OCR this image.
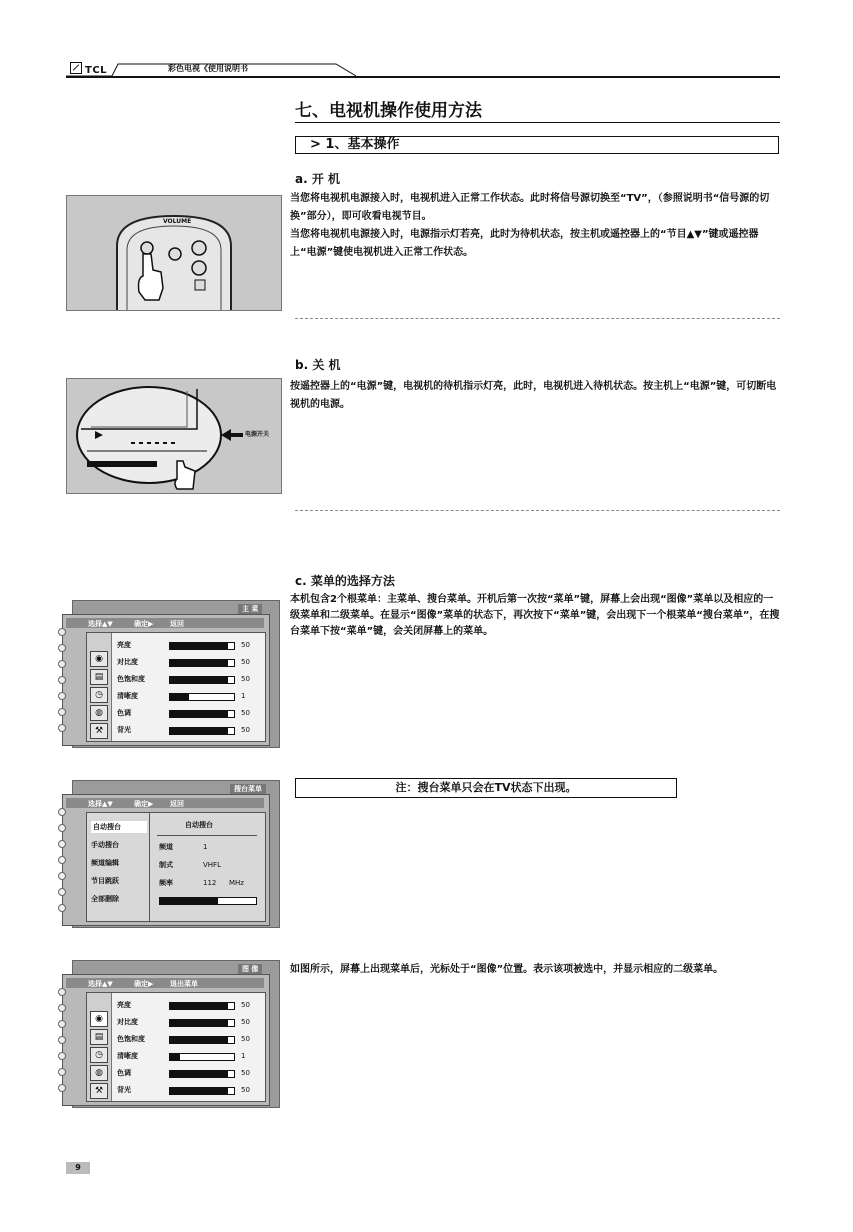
TCL	彩色电视《使用说明书
七、电视机操作使用方法
> 1、基本操作
a. 开 机

当您将电视机电源接入时，电视机进入正常工作状态。此时将信号源切换至“TV”，（参照说明书“信号源的切换”部分），即可收看电视节目。

当您将电视机电源接入时，电源指示灯若亮，此时为待机状态，按主机或遥控器上的“节目▲▼”键或遥控器上“电源”键使电视机进入正常工作状态。

VOLUME
b. 关 机
按遥控器上的“电源”键，电视机的待机指示灯亮，此时，电视机进入待机状态。按主机上“电源”键，可切断电视机的电源。
电源开关
c. 菜单的选择方法
本机包含2个根菜单：主菜单、搜台菜单。开机后第一次按“菜单”键，屏幕上会出现“图像”菜单以及相应的一级菜单和二级菜单。在显示“图像”菜单的状态下，再次按下“菜单”键，会出现下一个根菜单“搜台菜单”，在搜台菜单下按“菜单”键，会关闭屏幕上的菜单。
主 菜
选择▲▼	确定▶ 返回
◉
▤
◷
◍
⚒
亮度	50
对比度	50
色饱和度	50
清晰度	1
色调	50
背光	50
注：搜台菜单只会在TV状态下出现。
搜台菜单
选择▲▼	确定▶ 返回
自动搜台
手动搜台
频道编辑
节目跳跃
全部删除
自动搜台
频道	1
制式	VHFL
频率	112 MHz
如图所示，屏幕上出现菜单后，光标处于“图像”位置。表示该项被选中，并显示相应的二级菜单。
图 像
选择▲▼	确定▶ 退出菜单
◉
▤
◷
◍
⚒
亮度	50
对比度	50
色饱和度	50
清晰度	1
色调	50
背光	50
9
